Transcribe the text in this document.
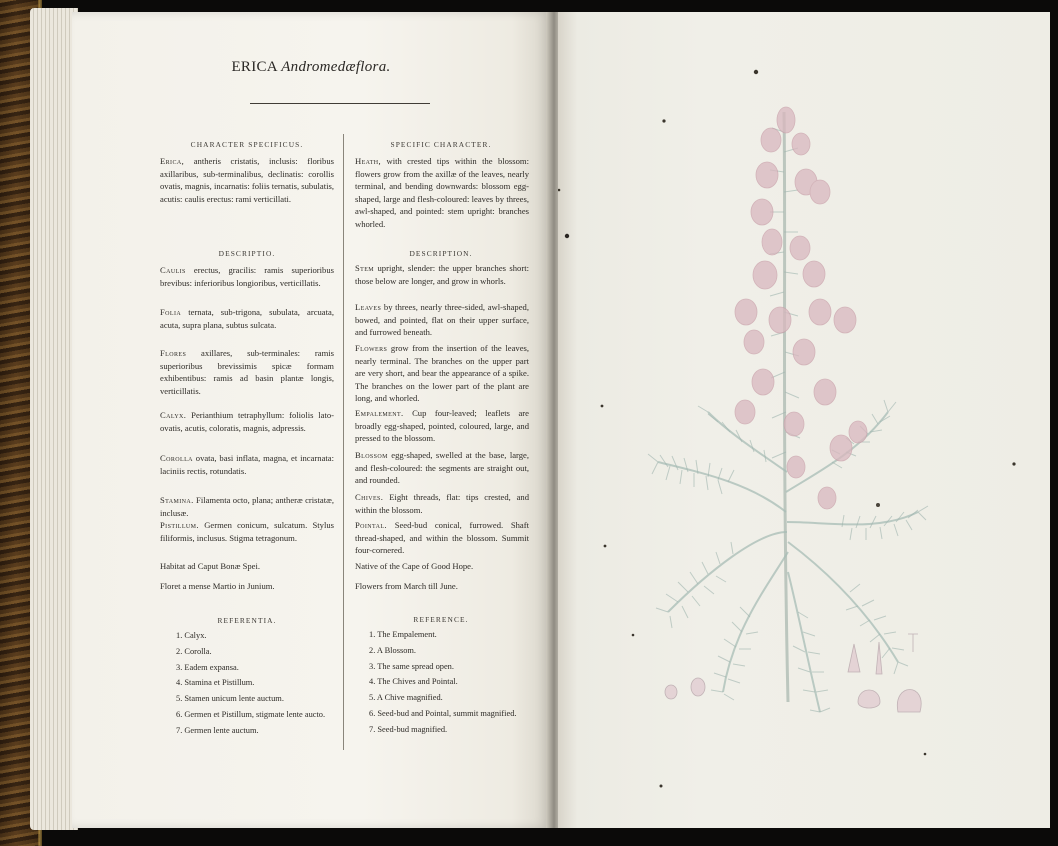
ERICA Andromedæflora.
CHARACTER SPECIFICUS.
Erica, antheris cristatis, inclusis: floribus axillaribus, sub-terminalibus, declinatis: corollis ovatis, magnis, incarnatis: foliis ternatis, subulatis, acutis: caulis erectus: rami verticillati.
DESCRIPTIO.
Caulis erectus, gracilis: ramis superioribus brevibus: inferioribus longioribus, verticillatis.
Folia ternata, sub-trigona, subulata, arcuata, acuta, supra plana, subtus sulcata.
Flores axillares, sub-terminales: ramis superioribus brevissimis spicæ formam exhibentibus: ramis ad basin plantæ longis, verticillatis.
Calyx. Perianthium tetraphyllum: foliolis lato-ovatis, acutis, coloratis, magnis, adpressis.
Corolla ovata, basi inflata, magna, et incarnata: laciniis rectis, rotundatis.
Stamina. Filamenta octo, plana; antheræ cristatæ, inclusæ.
Pistillum. Germen conicum, sulcatum. Stylus filiformis, inclusus. Stigma tetragonum.
Habitat ad Caput Bonæ Spei.
Floret a mense Martio in Junium.
REFERENTIA.
1. Calyx.
2. Corolla.
3. Eadem expansa.
4. Stamina et Pistillum.
5. Stamen unicum lente auctum.
6. Germen et Pistillum, stigmate lente aucto.
7. Germen lente auctum.
SPECIFIC CHARACTER.
Heath, with crested tips within the blossom: flowers grow from the axillæ of the leaves, nearly terminal, and bending downwards: blossom egg-shaped, large and flesh-coloured: leaves by threes, awl-shaped, and pointed: stem upright: branches whorled.
DESCRIPTION.
Stem upright, slender: the upper branches short: those below are longer, and grow in whorls.
Leaves by threes, nearly three-sided, awl-shaped, bowed, and pointed, flat on their upper surface, and furrowed beneath.
Flowers grow from the insertion of the leaves, nearly terminal. The branches on the upper part are very short, and bear the appearance of a spike. The branches on the lower part of the plant are long, and whorled.
Empalement. Cup four-leaved; leaflets are broadly egg-shaped, pointed, coloured, large, and pressed to the blossom.
Blossom egg-shaped, swelled at the base, large, and flesh-coloured: the segments are straight out, and rounded.
Chives. Eight threads, flat: tips crested, and within the blossom.
Pointal. Seed-bud conical, furrowed. Shaft thread-shaped, and within the blossom. Summit four-cornered.
Native of the Cape of Good Hope.
Flowers from March till June.
REFERENCE.
1. The Empalement.
2. A Blossom.
3. The same spread open.
4. The Chives and Pointal.
5. A Chive magnified.
6. Seed-bud and Pointal, summit magnified.
7. Seed-bud magnified.
